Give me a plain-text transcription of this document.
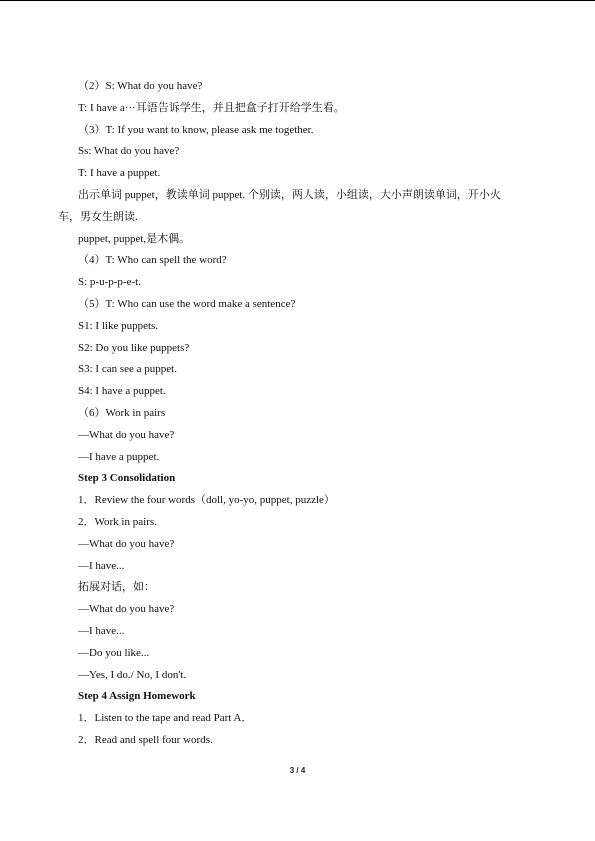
（2）S: What do you have?
T: I have a···耳语告诉学生，并且把盒子打开给学生看。
（3）T: If you want to know, please ask me together.
Ss: What do you have?
T: I have a puppet.
出示单词 puppet，教读单词 puppet. 个别读，两人读，小组读，大小声朗读单词，开小火
车，男女生朗读.
puppet, puppet,是木偶。
（4）T: Who can spell the word?
S: p-u-p-p-e-t.
（5）T: Who can use the word make a sentence?
S1: I like puppets.
S2: Do you like puppets?
S3: I can see a puppet.
S4: I have a puppet.
（6）Work in pairs
—What do you have?
—I have a puppet.
Step 3 Consolidation
1．Review the four words（doll, yo-yo, puppet, puzzle）
2．Work in pairs.
—What do you have?
—I have...
拓展对话，如：
—What do you have?
—I have...
—Do you like...
—Yes, I do./ No, I don't.
Step 4 Assign Homework
1．Listen to the tape and read Part A．
2．Read and spell four words.
3 / 4
